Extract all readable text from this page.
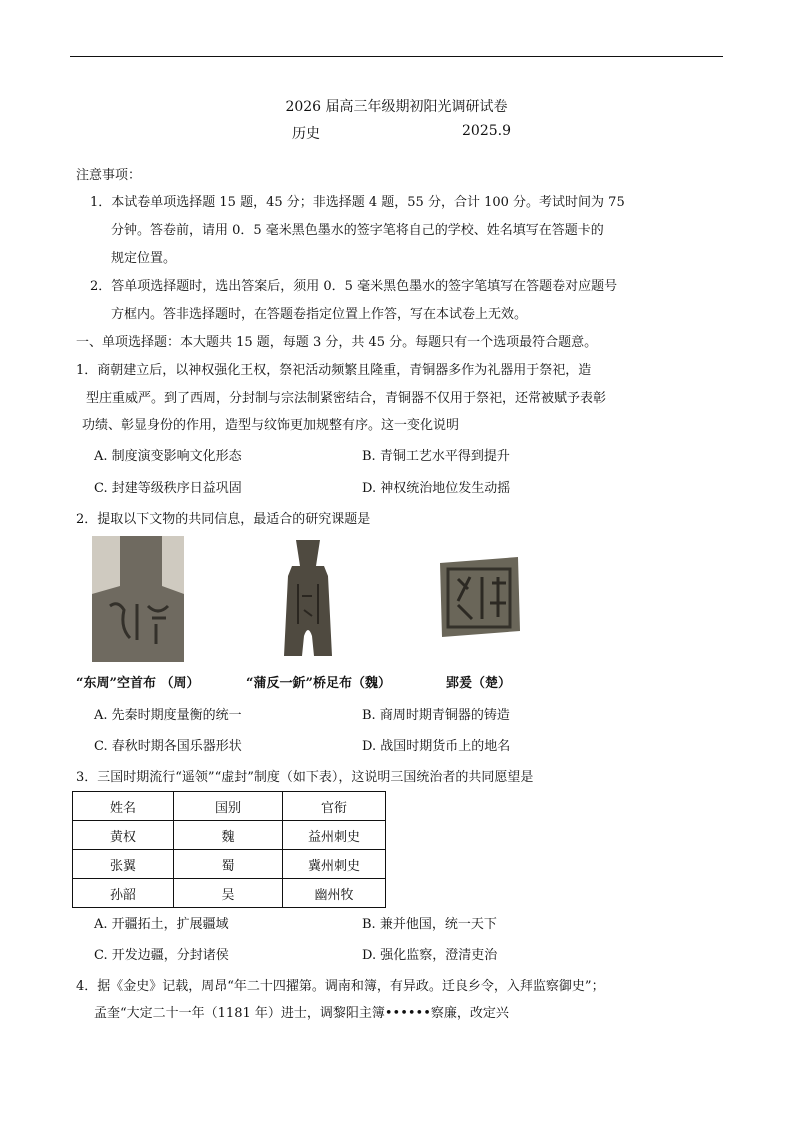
2026 届高三年级期初阳光调研试卷
历史	2025.9
注意事项：
1．本试卷单项选择题 15 题，45 分；非选择题 4 题，55 分，合计 100 分。考试时间为 75
分钟。答卷前，请用 0．5 毫米黑色墨水的签字笔将自己的学校、姓名填写在答题卡的
规定位置。
2．答单项选择题时，选出答案后，须用 0．5 毫米黑色墨水的签字笔填写在答题卷对应题号
方框内。答非选择题时，在答题卷指定位置上作答，写在本试卷上无效。
一、单项选择题：本大题共 15 题，每题 3 分，共 45 分。每题只有一个选项最符合题意。
1．商朝建立后，以神权强化王权，祭祀活动频繁且隆重，青铜器多作为礼器用于祭祀，造
型庄重威严。到了西周，分封制与宗法制紧密结合，青铜器不仅用于祭祀，还常被赋予表彰
功绩、彰显身份的作用，造型与纹饰更加规整有序。这一变化说明
A. 制度演变影响文化形态	B. 青铜工艺水平得到提升
C. 封建等级秩序日益巩固	D. 神权统治地位发生动摇
2．提取以下文物的共同信息，最适合的研究课题是
“东周”空首布 （周）	“蒲反一釿”桥足布（魏）	郢爰（楚）
A. 先秦时期度量衡的统一	B. 商周时期青铜器的铸造
C. 春秋时期各国乐器形状	D. 战国时期货币上的地名
3．三国时期流行“遥领”“虚封”制度（如下表），这说明三国统治者的共同愿望是
姓名	国别	官衔
黄权	魏	益州刺史
张翼	蜀	冀州刺史
孙韶	吴	幽州牧
A. 开疆拓土，扩展疆域	B. 兼并他国，统一天下
C. 开发边疆，分封诸侯	D. 强化监察，澄清吏治
4．据《金史》记载，周昂“年二十四擢第。调南和簿，有异政。迁良乡令，入拜监察御史”；
孟奎“大定二十一年（1181 年）进士，调黎阳主簿••••••察廉，改定兴
